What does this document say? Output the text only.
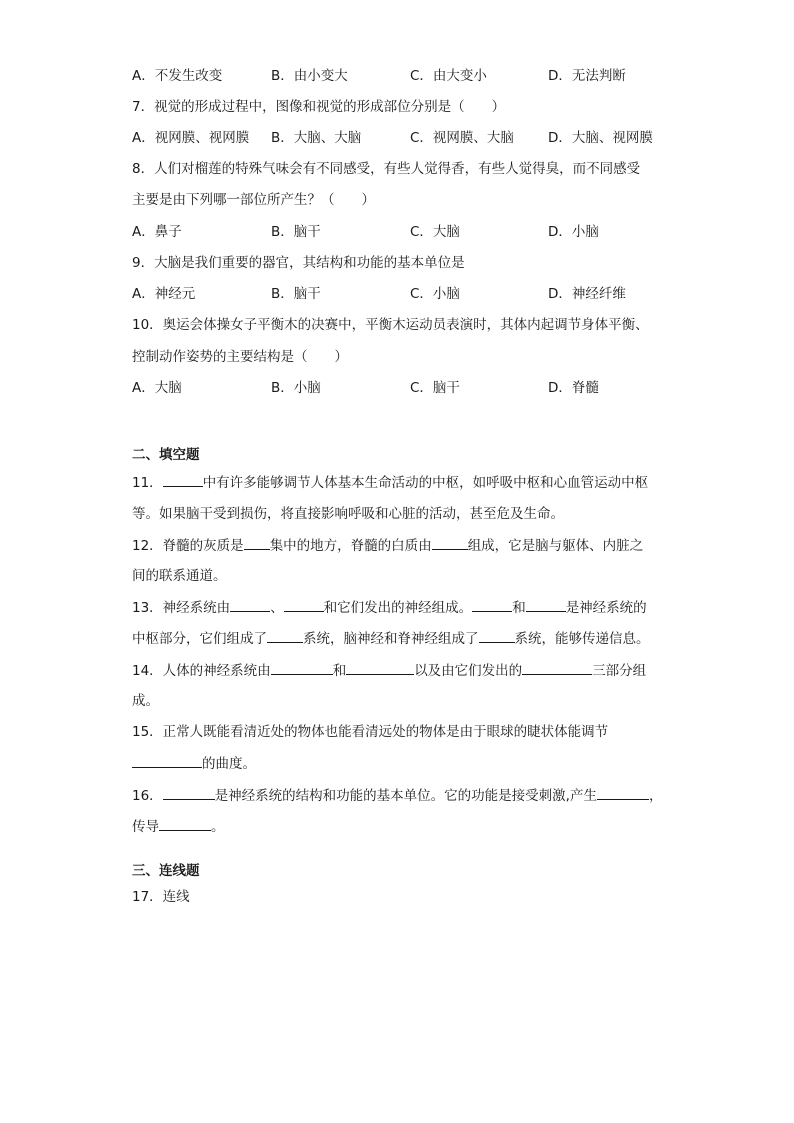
A．不发生改变	B．由小变大	C．由大变小	D．无法判断
7．视觉的形成过程中，图像和视觉的形成部位分别是（　　）
A．视网膜、视网膜 B．大脑、大脑	C．视网膜、大脑	D．大脑、视网膜
8．人们对榴莲的特殊气味会有不同感受，有些人觉得香，有些人觉得臭，而不同感受
主要是由下列哪一部位所产生？（　　）
A．鼻子	B．脑干	C．大脑	D．小脑
9．大脑是我们重要的器官，其结构和功能的基本单位是
A．神经元	B．脑干	C．小脑	D．神经纤维
10．奥运会体操女子平衡木的决赛中，平衡木运动员表演时，其体内起调节身体平衡、
控制动作姿势的主要结构是（　　）
A．大脑	B．小脑	C．脑干	D．脊髓
二、填空题
11．	中有许多能够调节人体基本生命活动的中枢，如呼吸中枢和心血管运动中枢
等。如果脑干受到损伤，将直接影响呼吸和心脏的活动，甚至危及生命。
12．脊髓的灰质是 集中的地方，脊髓的白质由	组成，它是脑与躯体、内脏之
间的联系通道。
13．神经系统由	、	和它们发出的神经组成。	和	是神经系统的
中枢部分，它们组成了	系统，脑神经和脊神经组成了	系统，能够传递信息。
14．人体的神经系统由	和	以及由它们发出的	三部分组
成。
15．正常人既能看清近处的物体也能看清远处的物体是由于眼球的睫状体能调节
的曲度。
16．	是神经系统的结构和功能的基本单位。它的功能是接受刺激,产生	，
传导	。
三、连线题
17．连线
